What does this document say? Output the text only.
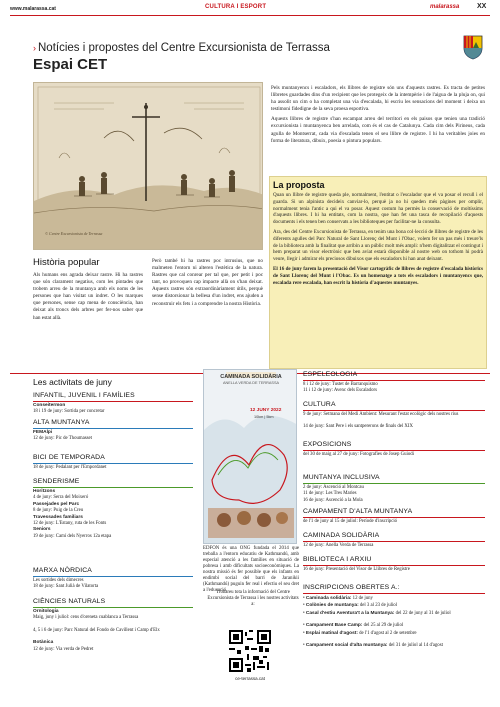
www.malarassa.cat	CULTURA I ESPORT	malarassa	XX
› Notícies i propostes del Centre Excursionista de Terrassa
Espai CET
© Centre Excursionista de Terrassa
Història popular
Als humans ens agrada deixar rastre. Hi ha rastres que són clarament negatius, com les pintades que trobem arreu de la muntanya amb els noms de les persones que han visitat un indret. O les marques que persones, sense cap mena de consciència, han deixat als troncs dels arbres per fer-nos saber que han estat allà.
Però també hi ha rastres poc intrusius, que no malmeten l'entorn ni alteren l'estètica de la natura. Rastres que cal conrear per tal que, per petit i poc tant, no provoquen cap impacte allà on s'han deixat. Aquests rastres són extraordinàriament útils, perquè sense distorsionar la bellesa d'un indret, ens ajuden a reconstruir els fets i a comprendre la nostra Història.

Pels muntanyencs i escaladors, els llibres de registre són uns d'aquests rastres. Es tracta de petites llibretes guardades dins d'un recipient que les protegeix de la intempèrie i de l'aigua de la pluja on, qui ha assolit un cim o ha completat una via d'escalada, hi escriu les sensacions del moment i deixa un testimoni fidedigne de la seva proesa esportiva.

Aquests llibres de registre s'han escampat arreu del territori en els paisos que tenien una tradició excursionista i muntanyenca ben arrelada, com és el cas de Catalunya. Cada cim dels Pirineus, cada agulla de Montserrat, cada via d'escalada tenen el seu llibre de registre. I hi ha veritables joies en forma de literatura, dibuix, poesia o pintura populars.

La proposta

Quan un llibre de registre queda ple, normalment, l'entitat o l'escalador que el va posar el recull i el guarda. Si un alpinista decideix canviar-lo, perquè ja no hi queden més pàgines per omplir, normalment tenia l'antic a qui el va posar. Aquest costum ha permès la conservació de moltíssims d'aquests llibres. I hi ha entitats, com la nostra, que han fet una tasca de recopilació d'aquests documents i els tenen ben conservats a les biblioteques per facilitar-ne la consulta.

Ara, des del Centre Excursionista de Terrassa, en tenim una bona col·lecció de llibres de registre de les diferents agulles del Parc Natural de Sant Llorenç del Munt i l'Obac, volem fer un pas més i treure'ls de la biblioteca amb la finalitat que arribin a un públic molt més ampli: n'hem digitalitzat el contingut i hem preparat un visor electrònic que ben aviat estarà disponible al nostre web on tothom hi podrà veure, llegir i admirar els preciosos dibuixos que els escaladors hi han anat deixant.

El 16 de juny farem la presentació del Visor cartogràfic de llibres de registre d'escalada històrics de Sant Llorenç del Munt i l'Obac. Es un homenatge a tots els escaladors i muntanyencs que, escalada rere escalada, han escrit la història d'aquestes muntanyes.

Les activitats de juny
INFANTIL, JUVENIL I FAMÍLIES
Conseitermon
18 i 19 de juny: Sortida per concretar
ALTA MUNTANYA
FEMAlpi
12 de juny: Pic de Thoumasset
BICI DE TEMPORADA
18 de juny: Pedalant per l'Empordanet
SENDERISME
Horitzons
4 de juny: Serra del Moixeró
Passejades pel Parc
8 de juny: Puig de la Creu
Travessades familiars
12 de juny: L'Estany, ruta de les Fonts
Seniors
19 de juny: Camí dels Nyerros 12a etapa
MARXA NÒRDICA
Les sortides dels dimecres
18 de juny: Sant Julià de Vilatorta
CIÈNCIES NATURALS
Ornitologia
Maig, juny i juliol: cens d'oreneta cuablanca a Terrassa
4, 5 i 6 de juny: Parc Natural del Fondo de Cavillent i Camp d'Elx
Botànica
12 de juny: Via verda de Pedret
CAMINADA SOLIDÀRIA
ANELLA VERDA DE TERRASSA
12 JUNY 2022
10km | 5km
EDFON és una ONG fundada el 2014 que treballa a l'entorn educatiu de Kathmandú, amb especial atenció a les famílies en situació de pobresa i amb dificultats socioeconòmiques. La nostra missió és fer possible que els infants en endimbi social del barri de Jaranikii (Kathmandú) puguin fer real i efectiu el seu dret a l'educació.
Trobareu tota la informació del Centre Excursionista de Terrassa i les nostres activitats a:
ce-terrassa.cat
ESPELEOLOGIA
8 i 12 de juny: Tustet de Barranquismo
11 i 12 de juny: Avenc dels Escaladors
CULTURA
9 de juny: Setmana del Medi Ambient: Mesurant l'estat ecològic dels nostres rius
14 de juny: Sant Pere i els santpererons de finals del XIX
EXPOSICIONS
del 30 de maig al 27 de juny: Fotografies de Josep Guiodi
MUNTANYA INCLUSIVA
2 de juny: Ascenció al Montcau
11 de juny: Les Tres Maries
16 de juny: Ascenció a la Mola
CAMPAMENT D'ALTA MUNTANYA
de l'1 de juny al 15 de juliol: Període d'inscripció
CAMINADA SOLIDÀRIA
12 de juny: Anella Verda de Terrassa
BIBLIOTECA I ARXIU
16 de juny: Presentació del Visor de Llibres de Registre
INSCRIPCIONS OBERTES A.:
• Caminada solidària: 12 de juny
• Colònies de muntanya: del 3 al 23 de juliol
• Casal d'estiu Aventura't a la Muntanya: del 22 de juny al 31 de juliol
• Campament Base Camp: del 25 al 29 de juliol
• Esplai matinal d'agost: de l'1 d'agost al 2 de setembre
• Campament social d'alta muntanya: del 31 de juliol al 14 d'agost
